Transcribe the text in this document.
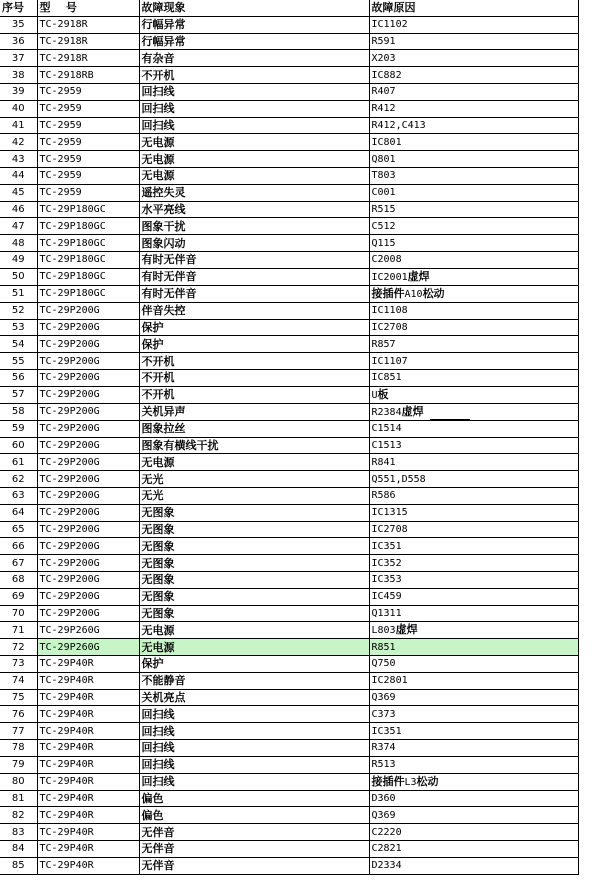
序号	型    号	故障现象	故障原因
35	TC-2918R	行幅异常	IC1102
36	TC-2918R	行幅异常	R591
37	TC-2918R	有杂音	X203
38	TC-2918RB	不开机	IC882
39	TC-2959	回扫线	R407
40	TC-2959	回扫线	R412
41	TC-2959	回扫线	R412,C413
42	TC-2959	无电源	IC801
43	TC-2959	无电源	Q801
44	TC-2959	无电源	T803
45	TC-2959	遥控失灵	C001
46	TC-29P180GC	水平亮线	R515
47	TC-29P180GC	图象干扰	C512
48	TC-29P180GC	图象闪动	Q115
49	TC-29P180GC	有时无伴音	C2008
50	TC-29P180GC	有时无伴音	IC2001虚焊
51	TC-29P180GC	有时无伴音	接插件A10松动
52	TC-29P200G	伴音失控	IC1108
53	TC-29P200G	保护	IC2708
54	TC-29P200G	保护	R857
55	TC-29P200G	不开机	IC1107
56	TC-29P200G	不开机	IC851
57	TC-29P200G	不开机	U板
58	TC-29P200G	关机异声	R2384虚焊
59	TC-29P200G	图象拉丝	C1514
60	TC-29P200G	图象有横线干扰	C1513
61	TC-29P200G	无电源	R841
62	TC-29P200G	无光	Q551,D558
63	TC-29P200G	无光	R586
64	TC-29P200G	无图象	IC1315
65	TC-29P200G	无图象	IC2708
66	TC-29P200G	无图象	IC351
67	TC-29P200G	无图象	IC352
68	TC-29P200G	无图象	IC353
69	TC-29P200G	无图象	IC459
70	TC-29P200G	无图象	Q1311
71	TC-29P260G	无电源	L803虚焊
72	TC-29P260G	无电源	R851
73	TC-29P40R	保护	Q750
74	TC-29P40R	不能静音	IC2801
75	TC-29P40R	关机亮点	Q369
76	TC-29P40R	回扫线	C373
77	TC-29P40R	回扫线	IC351
78	TC-29P40R	回扫线	R374
79	TC-29P40R	回扫线	R513
80	TC-29P40R	回扫线	接插件L3松动
81	TC-29P40R	偏色	D360
82	TC-29P40R	偏色	Q369
83	TC-29P40R	无伴音	C2220
84	TC-29P40R	无伴音	C2821
85	TC-29P40R	无伴音	D2334
